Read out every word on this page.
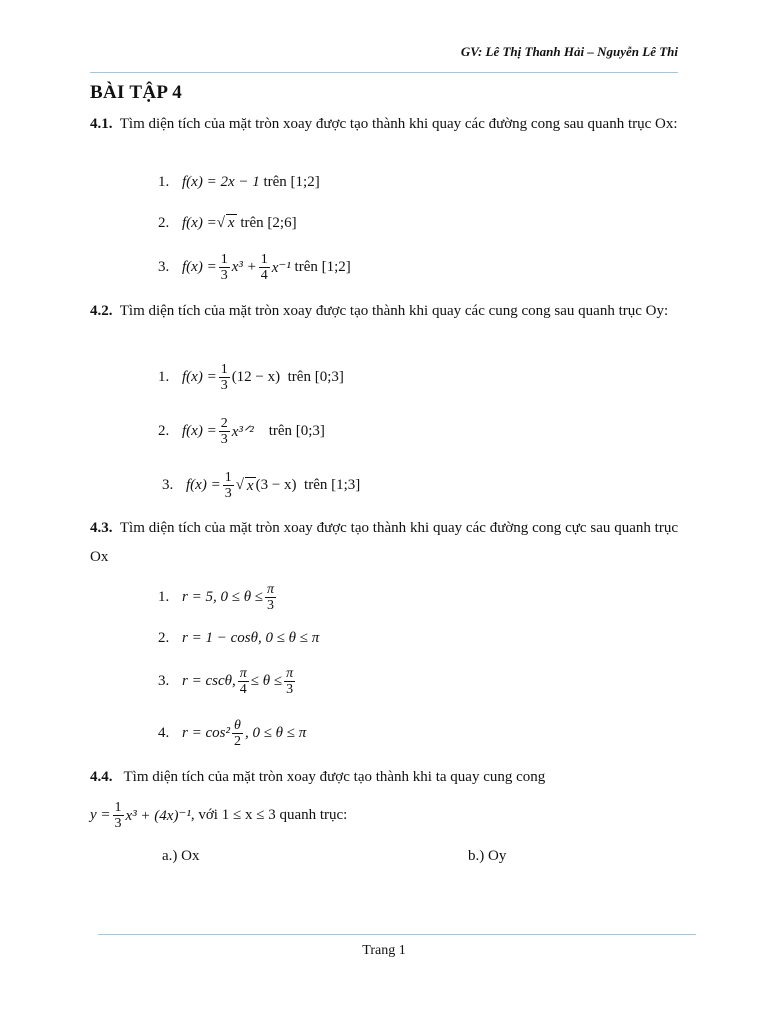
GV: Lê Thị Thanh Hải – Nguyễn Lê Thi
BÀI TẬP 4
4.1. Tìm diện tích của mặt tròn xoay được tạo thành khi quay các đường cong sau quanh trục Ox:
1. f(x) = 2x − 1
trên [1;2]
2. f(x) = √ x
trên [2;6]
3. $f(x) = \frac{1}{3} x^3 + \frac{1}{4} x^{-1}$
trên [1;2]
4.2. Tìm diện tích của mặt tròn xoay được tạo thành khi quay các cung cong sau quanh trục Oy:
1. $f(x) = \frac{1}{3} (12 - x)$
trên [0;3]
2. $f(x) = \frac{2}{3}$ x³ᐟ²
trên [0;3]
3. $f(x) = \frac{1}{3}$ √ x (3 − x)
trên [1;3]
4.3. Tìm diện tích của mặt tròn xoay được tạo thành khi quay các đường cong cực sau quanh trục Ox
1. r = 5, $0 \le \theta \le \frac{\pi}{3}$
2. r = 1 − cosθ, 0 ≤ θ ≤ π
3. r = cscθ, $\frac{\pi}{4} \le \theta \le \frac{\pi}{3}$
4. $r = \cos^2 \frac{\theta}{2}$ , 0 ≤ θ ≤ π
4.4. Tìm diện tích của mặt tròn xoay được tạo thành khi ta quay cung cong
$y = \frac{1}{3} x^3 + (4x)^{-1}$ , với 1 ≤ x ≤ 3 quanh trục:
a.) Ox	b.) Oy
Trang 1
